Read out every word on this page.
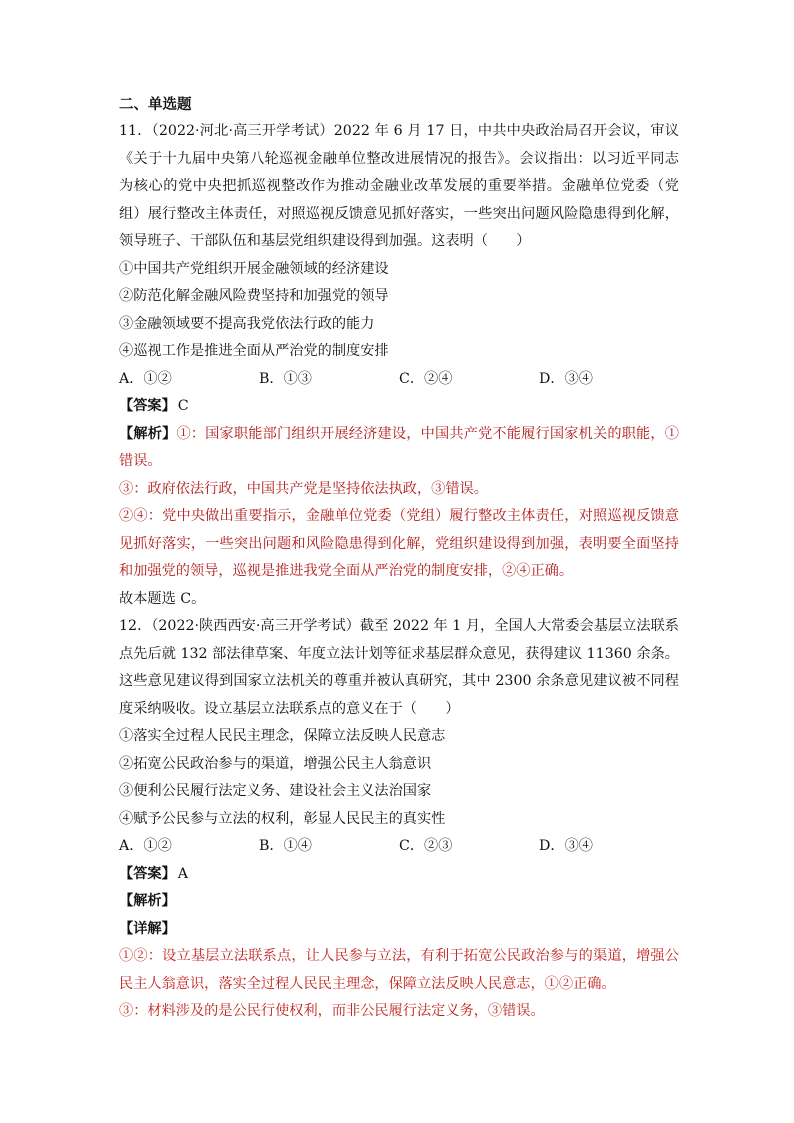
二、单选题

11．（2022·河北·高三开学考试）2022 年 6 月 17 日，中共中央政治局召开会议，审议《关于十九届中央第八轮巡视金融单位整改进展情况的报告》。会议指出：以习近平同志为核心的党中央把抓巡视整改作为推动金融业改革发展的重要举措。金融单位党委（党组）展行整改主体责任，对照巡视反馈意见抓好落实，一些突出问题风险隐患得到化解，领导班子、干部队伍和基层党组织建设得到加强。这表明（　　）

①中国共产党组织开展金融领域的经济建设

②防范化解金融风险费坚持和加强党的领导

③金融领域要不提高我党依法行政的能力

④巡视工作是推进全面从严治党的制度安排

A．①②	B．①③	C．②④	D．③④

【答案】 C

【解析】①：国家职能部门组织开展经济建设，中国共产党不能履行国家机关的职能，①错误。

③：政府依法行政，中国共产党是坚持依法执政，③错误。

②④：党中央做出重要指示，金融单位党委（党组）履行整改主体责任，对照巡视反馈意见抓好落实，一些突出问题和风险隐患得到化解，党组织建设得到加强，表明要全面坚持和加强党的领导，巡视是推进我党全面从严治党的制度安排，②④正确。

故本题选 C。

12．（2022·陕西西安·高三开学考试）截至 2022 年 1 月，全国人大常委会基层立法联系点先后就 132 部法律草案、年度立法计划等征求基层群众意见，获得建议 11360 余条。这些意见建议得到国家立法机关的尊重并被认真研究，其中 2300 余条意见建议被不同程度采纳吸收。设立基层立法联系点的意义在于（　　）

①落实全过程人民民主理念，保障立法反映人民意志

②拓宽公民政治参与的渠道，增强公民主人翁意识

③便利公民履行法定义务、建设社会主义法治国家

④赋予公民参与立法的权利，彰显人民民主的真实性

A．①②	B．①④	C．②③	D．③④

【答案】 A

【解析】

【详解】

①②：设立基层立法联系点，让人民参与立法，有利于拓宽公民政治参与的渠道，增强公民主人翁意识，落实全过程人民民主理念，保障立法反映人民意志，①②正确。

③：材料涉及的是公民行使权利，而非公民履行法定义务，③错误。
